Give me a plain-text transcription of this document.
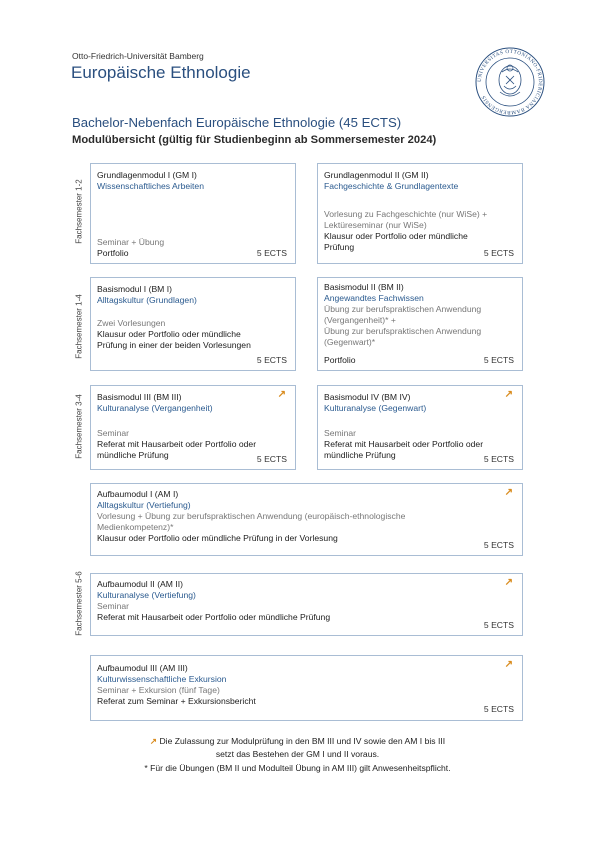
Otto-Friedrich-Universität Bamberg
Europäische Ethnologie	UNIVERSITAS OTTONIANO-FRIDERICIANA BAMBERGENSIS
Bachelor-Nebenfach Europäische Ethnologie (45 ECTS)
Modulübersicht (gültig für Studienbeginn ab Sommersemester 2024)
Fachsemester 1-2
Fachsemester 1-4
Fachsemester 3-4
Fachsemester 5-6
Grundlagenmodul I (GM I)
Wissenschaftliches Arbeiten
Seminar + Übung
Portfolio	5 ECTS
Grundlagenmodul II (GM II)
Fachgeschichte & Grundlagentexte
Vorlesung zu Fachgeschichte (nur WiSe) +
Lektüreseminar (nur WiSe)
Klausur oder Portfolio oder mündliche
Prüfung
5 ECTS
Basismodul I (BM I)
Alltagskultur (Grundlagen)
Zwei Vorlesungen
Klausur oder Portfolio oder mündliche
Prüfung in einer der beiden Vorlesungen
5 ECTS
Basismodul II (BM II)
Angewandtes Fachwissen
Übung zur berufspraktischen Anwendung
(Vergangenheit)* +
Übung zur berufspraktischen Anwendung
(Gegenwart)*
Portfolio	5 ECTS
↗
Basismodul III (BM III)
Kulturanalyse (Vergangenheit)
Seminar
Referat mit Hausarbeit oder Portfolio oder
mündliche Prüfung	5 ECTS
↗
Basismodul IV (BM IV)
Kulturanalyse (Gegenwart)
Seminar
Referat mit Hausarbeit oder Portfolio oder
mündliche Prüfung	5 ECTS
↗
Aufbaumodul I (AM I)
Alltagskultur (Vertiefung)
Vorlesung + Übung zur berufspraktischen Anwendung (europäisch-ethnologische
Medienkompetenz)*
Klausur oder Portfolio oder mündliche Prüfung in der Vorlesung
5 ECTS
↗
Aufbaumodul II (AM II)
Kulturanalyse (Vertiefung)
Seminar
Referat mit Hausarbeit oder Portfolio oder mündliche Prüfung
5 ECTS
↗
Aufbaumodul III (AM III)
Kulturwissenschaftliche Exkursion
Seminar + Exkursion (fünf Tage)
Referat zum Seminar + Exkursionsbericht
5 ECTS
↗ Die Zulassung zur Modulprüfung in den BM III und IV sowie den AM I bis III
setzt das Bestehen der GM I und II voraus.
* Für die Übungen (BM II und Modulteil Übung in AM III) gilt Anwesenheitspflicht.
